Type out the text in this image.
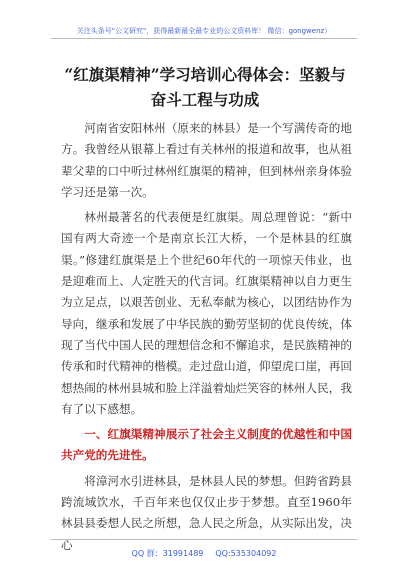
关注头条号"公文研究"，获得最新最全最专业的公文资料库！ 微信：gongwenz）
“红旗渠精神”学习培训心得体会：坚毅与奋斗工程与功成

河南省安阳林州（原来的林县）是一个写满传奇的地方。我曾经从银幕上看过有关林州的报道和故事，也从祖辈父辈的口中听过林州红旗渠的精神，但到林州亲身体验学习还是第一次。

林州最著名的代表便是红旗渠。周总理曾说：“新中国有两大奇迹一个是南京长江大桥，一个是林县的红旗渠。”修建红旗渠是上个世纪60年代的一项惊天伟业，也是迎难而上、人定胜天的代言词。红旗渠精神以自力更生为立足点，以艰苦创业、无私奉献为核心，以团结协作为导向，继承和发展了中华民族的勤劳坚韧的优良传统，体现了当代中国人民的理想信念和不懈追求，是民族精神的传承和时代精神的楷模。走过盘山道，仰望虎口崖，再回想热闹的林州县城和脸上洋溢着灿烂笑容的林州人民，我有了以下感想。

一、红旗渠精神展示了社会主义制度的优越性和中国共产党的先进性。

将漳河水引进林县，是林县人民的梦想。但跨省跨县跨流域饮水，千百年来也仅仅止步于梦想。直至1960年林县县委想人民之所想，急人民之所急，从实际出发，决心

QQ 群：31991489 QQ:535304092
